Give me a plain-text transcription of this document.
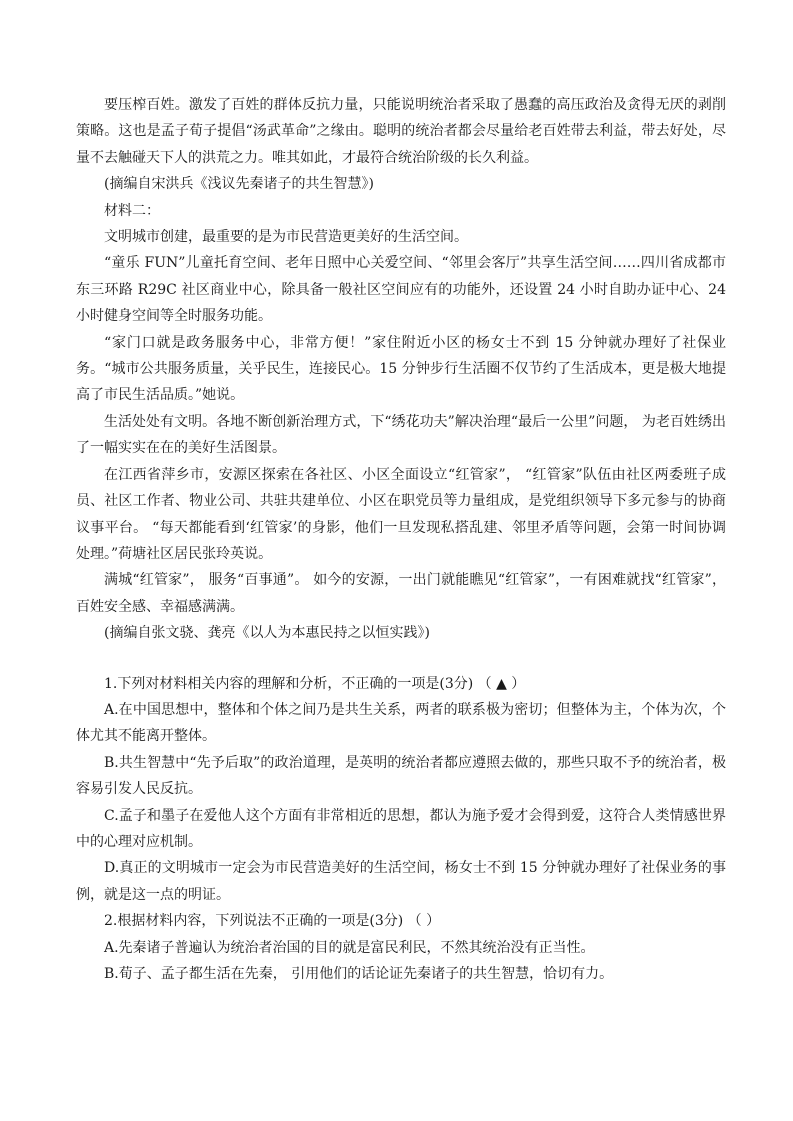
要压榨百姓。激发了百姓的群体反抗力量，只能说明统治者采取了愚蠢的高压政治及贪得无厌的剥削策略。这也是孟子荀子提倡“汤武革命”之缘由。聪明的统治者都会尽量给老百姓带去利益，带去好处，尽量不去触碰天下人的洪荒之力。唯其如此，才最符合统治阶级的长久利益。

(摘编自宋洪兵《浅议先秦诸子的共生智慧》)

材料二：

文明城市创建，最重要的是为市民营造更美好的生活空间。

“童乐 FUN”儿童托育空间、老年日照中心关爱空间、“邻里会客厅”共享生活空间……四川省成都市东三环路 R29C 社区商业中心，除具备一般社区空间应有的功能外，还设置 24 小时自助办证中心、24 小时健身空间等全时服务功能。

“家门口就是政务服务中心，非常方便！”家住附近小区的杨女士不到 15 分钟就办理好了社保业务。“城市公共服务质量，关乎民生，连接民心。15 分钟步行生活圈不仅节约了生活成本，更是极大地提高了市民生活品质。”她说。

生活处处有文明。各地不断创新治理方式，下“绣花功夫”解决治理“最后一公里”问题， 为老百姓绣出了一幅实实在在的美好生活图景。

在江西省萍乡市，安源区探索在各社区、小区全面设立“红管家”， “红管家”队伍由社区两委班子成员、社区工作者、物业公司、共驻共建单位、小区在职党员等力量组成，是党组织领导下多元参与的协商议事平台。 “每天都能看到‘红管家’的身影，他们一旦发现私搭乱建、邻里矛盾等问题，会第一时间协调处理。”荷塘社区居民张玲英说。

满城“红管家”， 服务“百事通”。 如今的安源，一出门就能瞧见“红管家”，一有困难就找“红管家”， 百姓安全感、幸福感满满。

(摘编自张文骁、龚亮《以人为本惠民持之以恒实践》)

1.下列对材料相关内容的理解和分析，不正确的一项是(3分) （ ▲ ）

A.在中国思想中，整体和个体之间乃是共生关系，两者的联系极为密切；但整体为主，个体为次，个体尤其不能离开整体。

B.共生智慧中“先予后取”的政治道理，是英明的统治者都应遵照去做的，那些只取不予的统治者，极容易引发人民反抗。

C.孟子和墨子在爱他人这个方面有非常相近的思想，都认为施予爱才会得到爱，这符合人类情感世界中的心理对应机制。

D.真正的文明城市一定会为市民营造美好的生活空间，杨女士不到 15 分钟就办理好了社保业务的事例，就是这一点的明证。

2.根据材料内容，下列说法不正确的一项是(3分) （ ）

A.先秦诸子普遍认为统治者治国的目的就是富民利民，不然其统治没有正当性。

B.荀子、孟子都生活在先秦， 引用他们的话论证先秦诸子的共生智慧，恰切有力。
